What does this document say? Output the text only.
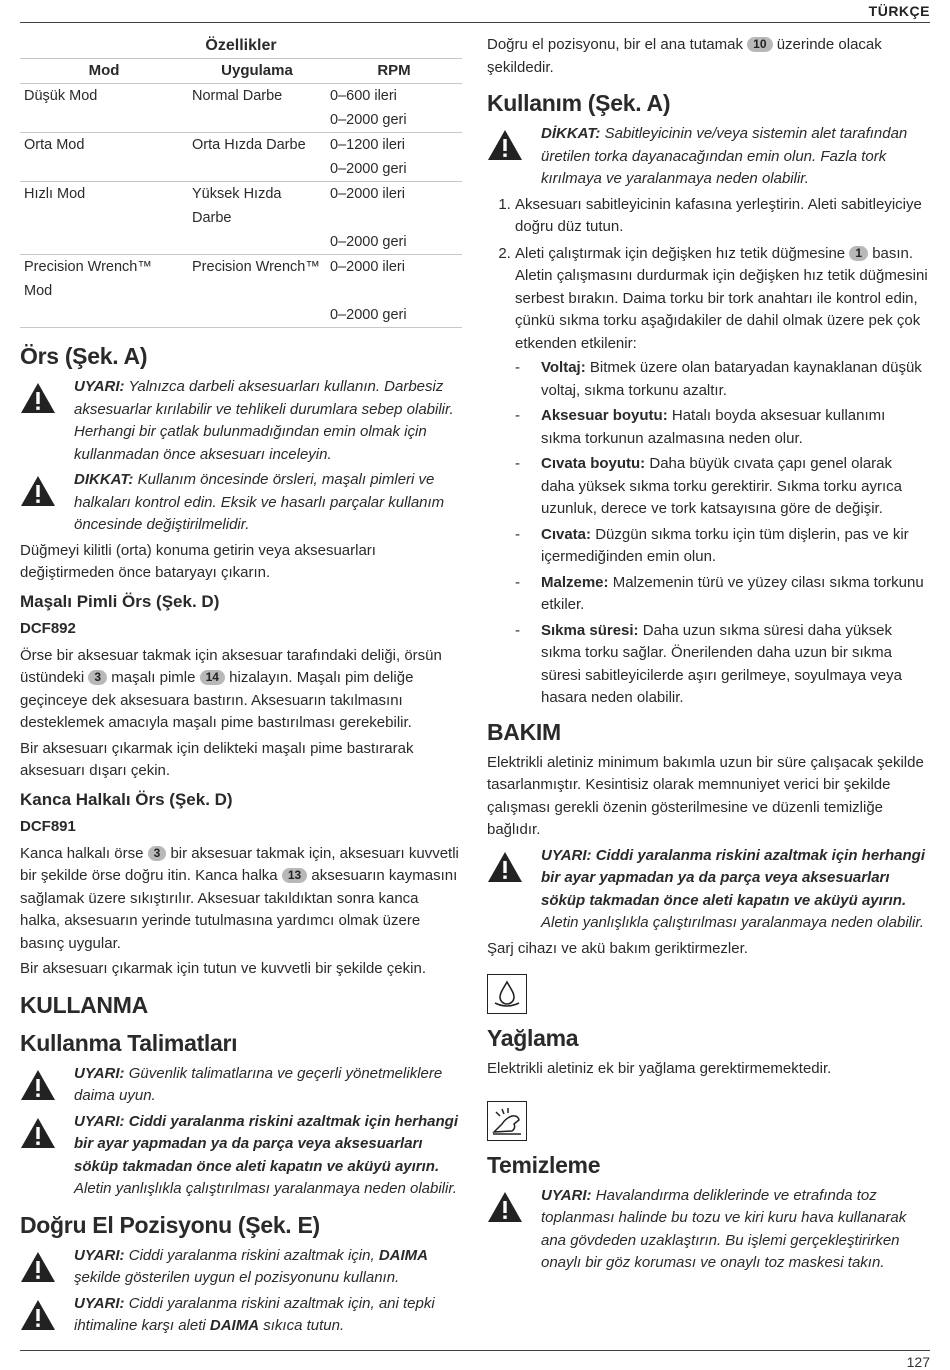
TÜRKÇE
Özellikler		
Mod	Uygulama	RPM
Düşük Mod	Normal Darbe	0–600 ileri
		0–2000 geri
Orta Mod	Orta Hızda Darbe	0–1200 ileri
		0–2000 geri
Hızlı Mod	Yüksek Hızda Darbe	0–2000 ileri
		0–2000 geri
Precision Wrench™ Mod	Precision Wrench™	0–2000 ileri
		0–2000 geri
Örs (Şek. A)

UYARI: Yalnızca darbeli aksesuarları kullanın. Darbesiz aksesuarlar kırılabilir ve tehlikeli durumlara sebep olabilir. Herhangi bir çatlak bulunmadığından emin olmak için kullanmadan önce aksesuarı inceleyin.

DIKKAT: Kullanım öncesinde örsleri, maşalı pimleri ve halkaları kontrol edin. Eksik ve hasarlı parçalar kullanım öncesinde değiştirilmelidir.

Düğmeyi kilitli (orta) konuma getirin veya aksesuarları değiştirmeden önce bataryayı çıkarın.

Maşalı Pimli Örs (Şek. D)
DCF892

Örse bir aksesuar takmak için aksesuar tarafındaki deliği, örsün üstündeki 3 maşalı pimle 14 hizalayın. Maşalı pim deliğe geçinceye dek aksesuara bastırın. Aksesuarın takılmasını desteklemek amacıyla maşalı pime bastırılması gerekebilir.

Bir aksesuarı çıkarmak için delikteki maşalı pime bastırarak aksesuarı dışarı çekin.

Kanca Halkalı Örs (Şek. D)
DCF891

Kanca halkalı örse 3 bir aksesuar takmak için, aksesuarı kuvvetli bir şekilde örse doğru itin. Kanca halka 13 aksesuarın kaymasını sağlamak üzere sıkıştırılır. Aksesuar takıldıktan sonra kanca halka, aksesuarın yerinde tutulmasına yardımcı olmak üzere basınç uygular.

Bir aksesuarı çıkarmak için tutun ve kuvvetli bir şekilde çekin.

KULLANMA
Kullanma Talimatları

UYARI: Güvenlik talimatlarına ve geçerli yönetmeliklere daima uyun.

UYARI: Ciddi yaralanma riskini azaltmak için herhangi bir ayar yapmadan ya da parça veya aksesuarları söküp takmadan önce aleti kapatın ve aküyü ayırın. Aletin yanlışlıkla çalıştırılması yaralanmaya neden olabilir.

Doğru El Pozisyonu (Şek. E)

UYARI: Ciddi yaralanma riskini azaltmak için, DAIMA şekilde gösterilen uygun el pozisyonunu kullanın.

UYARI: Ciddi yaralanma riskini azaltmak için, ani tepki ihtimaline karşı aleti DAIMA sıkıca tutun.

Doğru el pozisyonu, bir el ana tutamak 10 üzerinde olacak şekildedir.

Kullanım (Şek. A)

DİKKAT: Sabitleyicinin ve/veya sistemin alet tarafından üretilen torka dayanacağından emin olun. Fazla tork kırılmaya ve yaralanmaya neden olabilir.

1. Aksesuarı sabitleyicinin kafasına yerleştirin. Aleti sabitleyiciye doğru düz tutun.
2. Aleti çalıştırmak için değişken hız tetik düğmesine 1 basın. Aletin çalışmasını durdurmak için değişken hız tetik düğmesini serbest bırakın. Daima torku bir tork anahtarı ile kontrol edin, çünkü sıkma torku aşağıdakiler de dahil olmak üzere pek çok etkenden etkilenir:
- Voltaj: Bitmek üzere olan bataryadan kaynaklanan düşük voltaj, sıkma torkunu azaltır.
- Aksesuar boyutu: Hatalı boyda aksesuar kullanımı sıkma torkunun azalmasına neden olur.
- Cıvata boyutu: Daha büyük cıvata çapı genel olarak daha yüksek sıkma torku gerektirir. Sıkma torku ayrıca uzunluk, derece ve tork katsayısına göre de değişir.
- Cıvata: Düzgün sıkma torku için tüm dişlerin, pas ve kir içermediğinden emin olun.
- Malzeme: Malzemenin türü ve yüzey cilası sıkma torkunu etkiler.
- Sıkma süresi: Daha uzun sıkma süresi daha yüksek sıkma torku sağlar. Önerilenden daha uzun bir sıkma süresi sabitleyicilerde aşırı gerilmeye, soyulmaya veya hasara neden olabilir.
BAKIM

Elektrikli aletiniz minimum bakımla uzun bir süre çalışacak şekilde tasarlanmıştır. Kesintisiz olarak memnuniyet verici bir şekilde çalışması gerekli özenin gösterilmesine ve düzenli temizliğe bağlıdır.

UYARI: Ciddi yaralanma riskini azaltmak için herhangi bir ayar yapmadan ya da parça veya aksesuarları söküp takmadan önce aleti kapatın ve aküyü ayırın. Aletin yanlışlıkla çalıştırılması yaralanmaya neden olabilir.

Şarj cihazı ve akü bakım geriktirmezler.

Yağlama

Elektrikli aletiniz ek bir yağlama gerektirmemektedir.

Temizleme

UYARI: Havalandırma deliklerinde ve etrafında toz toplanması halinde bu tozu ve kiri kuru hava kullanarak ana gövdeden uzaklaştırın. Bu işlemi gerçekleştirirken onaylı bir göz koruması ve onaylı toz maskesi takın.

127
